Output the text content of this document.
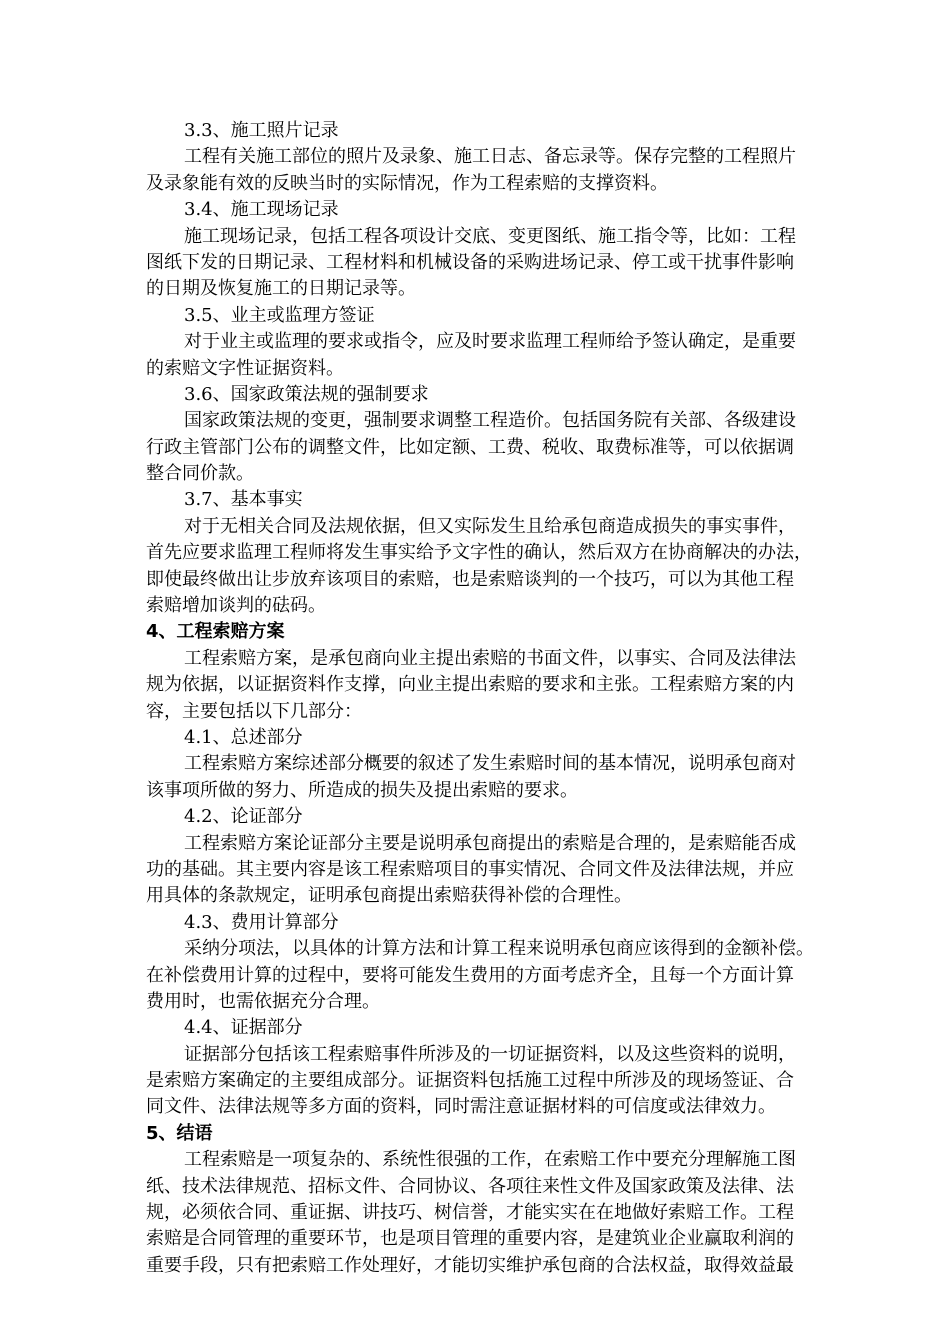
3.3、施工照片记录
工程有关施工部位的照片及录象、施工日志、备忘录等。保存完整的工程照片
及录象能有效的反映当时的实际情况，作为工程索赔的支撑资料。
3.4、施工现场记录
施工现场记录，包括工程各项设计交底、变更图纸、施工指令等，比如：工程
图纸下发的日期记录、工程材料和机械设备的采购进场记录、停工或干扰事件影响
的日期及恢复施工的日期记录等。
3.5、业主或监理方签证
对于业主或监理的要求或指令，应及时要求监理工程师给予签认确定，是重要
的索赔文字性证据资料。
3.6、国家政策法规的强制要求
国家政策法规的变更，强制要求调整工程造价。包括国务院有关部、各级建设
行政主管部门公布的调整文件，比如定额、工费、税收、取费标准等，可以依据调
整合同价款。
3.7、基本事实
对于无相关合同及法规依据，但又实际发生且给承包商造成损失的事实事件，
首先应要求监理工程师将发生事实给予文字性的确认，然后双方在协商解决的办法，
即使最终做出让步放弃该项目的索赔，也是索赔谈判的一个技巧，可以为其他工程
索赔增加谈判的砝码。
4、工程索赔方案
工程索赔方案，是承包商向业主提出索赔的书面文件，以事实、合同及法律法
规为依据，以证据资料作支撑，向业主提出索赔的要求和主张。工程索赔方案的内
容，主要包括以下几部分：
4.1、总述部分
工程索赔方案综述部分概要的叙述了发生索赔时间的基本情况，说明承包商对
该事项所做的努力、所造成的损失及提出索赔的要求。
4.2、论证部分
工程索赔方案论证部分主要是说明承包商提出的索赔是合理的，是索赔能否成
功的基础。其主要内容是该工程索赔项目的事实情况、合同文件及法律法规，并应
用具体的条款规定，证明承包商提出索赔获得补偿的合理性。
4.3、费用计算部分
采纳分项法，以具体的计算方法和计算工程来说明承包商应该得到的金额补偿。
在补偿费用计算的过程中，要将可能发生费用的方面考虑齐全，且每一个方面计算
费用时，也需依据充分合理。
4.4、证据部分
证据部分包括该工程索赔事件所涉及的一切证据资料，以及这些资料的说明，
是索赔方案确定的主要组成部分。证据资料包括施工过程中所涉及的现场签证、合
同文件、法律法规等多方面的资料，同时需注意证据材料的可信度或法律效力。
5、结语
工程索赔是一项复杂的、系统性很强的工作，在索赔工作中要充分理解施工图
纸、技术法律规范、招标文件、合同协议、各项往来性文件及国家政策及法律、法
规，必须依合同、重证据、讲技巧、树信誉，才能实实在在地做好索赔工作。工程
索赔是合同管理的重要环节，也是项目管理的重要内容，是建筑业企业赢取利润的
重要手段，只有把索赔工作处理好，才能切实维护承包商的合法权益，取得效益最
